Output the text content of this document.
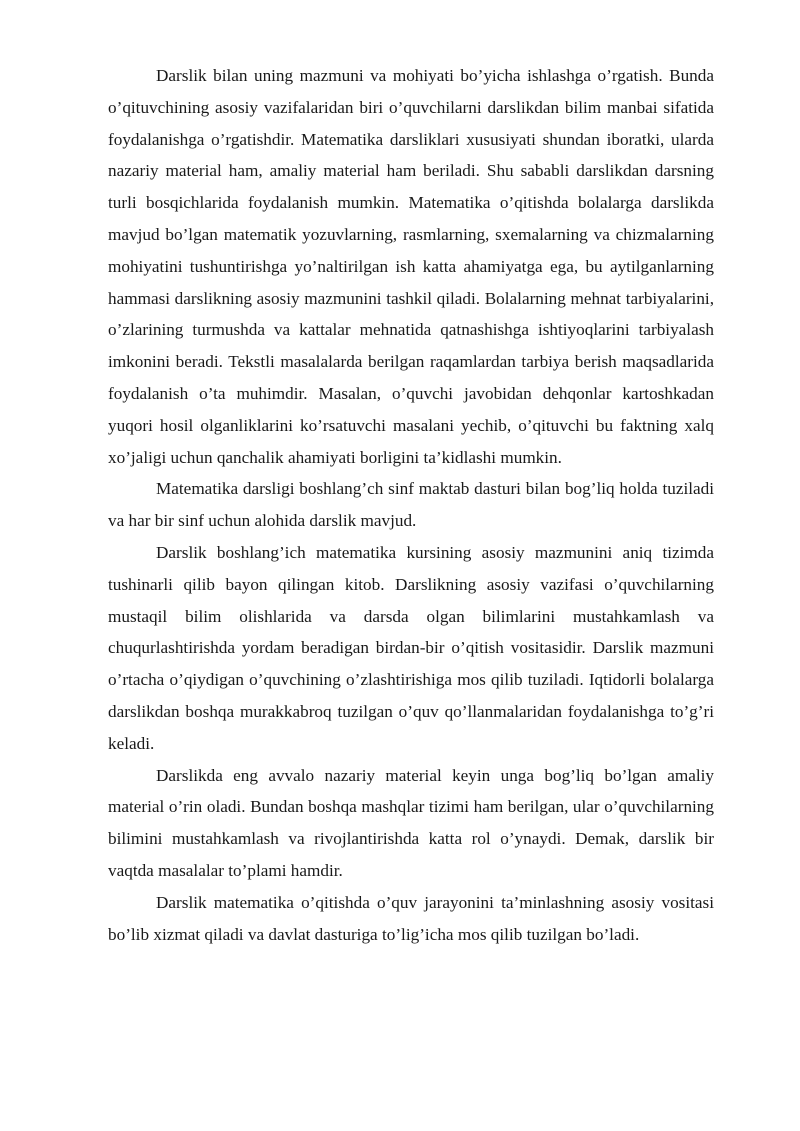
Darslik bilan uning mazmuni va mohiyati bo’yicha ishlashga o’rgatish. Bunda o’qituvchining asosiy vazifalaridan biri o’quvchilarni darslikdan bilim manbai sifatida foydalanishga o’rgatishdir. Matematika darsliklari xususiyati shundan iboratki, ularda nazariy material ham, amaliy material ham beriladi. Shu sababli darslikdan darsning turli bosqichlarida foydalanish mumkin. Matematika o’qitishda bolalarga darslikda mavjud bo’lgan matematik yozuvlarning, rasmlarning, sxemalarning va chizmalarning mohiyatini tushuntirishga yo’naltirilgan ish katta ahamiyatga ega, bu aytilganlarning hammasi darslikning asosiy mazmunini tashkil qiladi. Bolalarning mehnat tarbiyalarini, o’zlarining turmushda va kattalar mehnatida qatnashishga ishtiyoqlarini tarbiyalash imkonini beradi. Tekstli masalalarda berilgan raqamlardan tarbiya berish maqsadlarida foydalanish o’ta muhimdir. Masalan, o’quvchi javobidan dehqonlar kartoshkadan yuqori hosil olganliklarini ko’rsatuvchi masalani yechib, o’qituvchi bu faktning xalq xo’jaligi uchun qanchalik ahamiyati borligini ta’kidlashi mumkin.

Matematika darsligi boshlang’ch sinf maktab dasturi bilan bog’liq holda tuziladi va har bir sinf uchun alohida darslik mavjud.

Darslik boshlang’ich matematika kursining asosiy mazmunini aniq tizimda tushinarli qilib bayon qilingan kitob. Darslikning asosiy vazifasi o’quvchilarning mustaqil bilim olishlarida va darsda olgan bilimlarini mustahkamlash va chuqurlashtirishda yordam beradigan birdan-bir o’qitish vositasidir. Darslik mazmuni o’rtacha o’qiydigan o’quvchining o’zlashtirishiga mos qilib tuziladi. Iqtidorli bolalarga darslikdan boshqa murakkabroq tuzilgan o’quv qo’llanmalaridan foydalanishga to’g’ri keladi.

Darslikda eng avvalo nazariy material keyin unga bog’liq bo’lgan amaliy material o’rin oladi. Bundan boshqa mashqlar tizimi ham berilgan, ular o’quvchilarning bilimini mustahkamlash va rivojlantirishda katta rol o’ynaydi. Demak, darslik bir vaqtda masalalar to’plami hamdir.

Darslik matematika o’qitishda o’quv jarayonini ta’minlashning asosiy vositasi bo’lib xizmat qiladi va davlat dasturiga to’lig’icha mos qilib tuzilgan bo’ladi.
